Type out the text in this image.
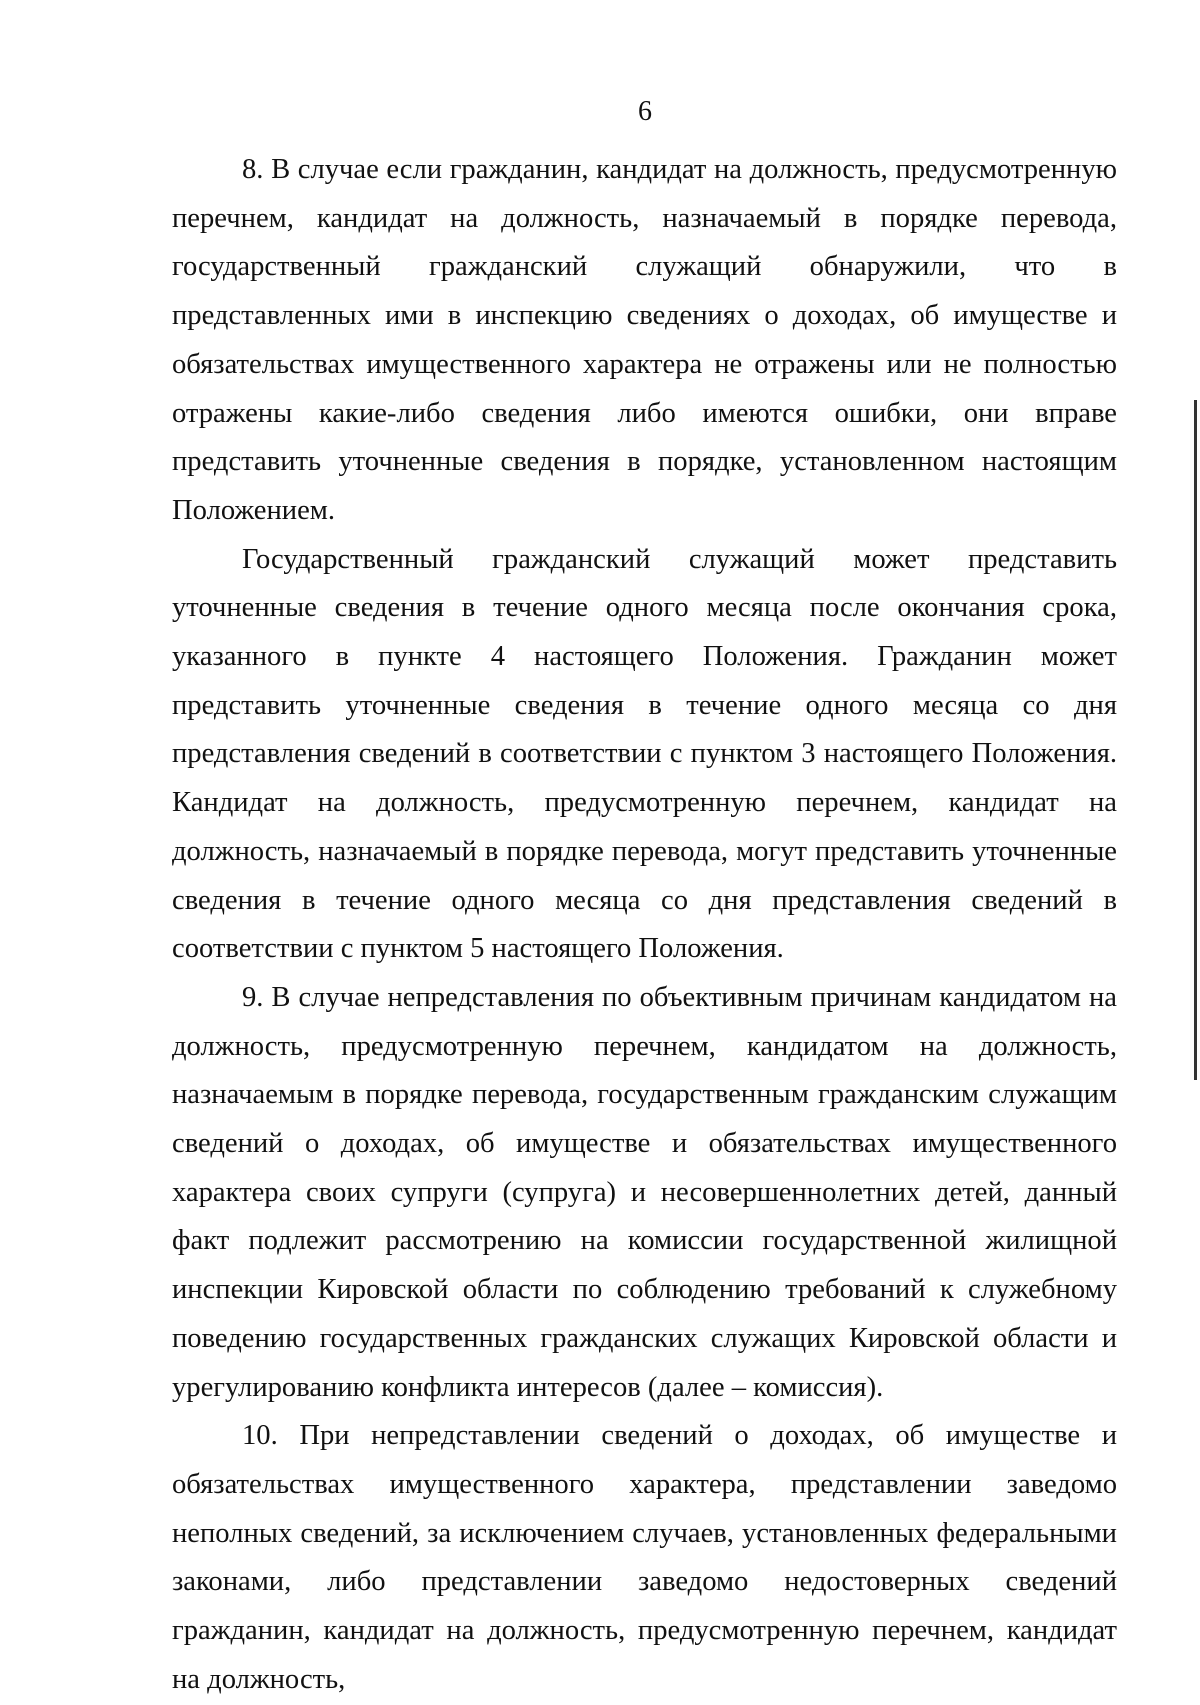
6

8. В случае если гражданин, кандидат на должность, предусмотренную перечнем, кандидат на должность, назначаемый в порядке перевода, государственный гражданский служащий обнаружили, что в представленных ими в инспекцию сведениях о доходах, об имуществе и обязательствах имущественного характера не отражены или не полностью отражены какие-либо сведения либо имеются ошибки, они вправе представить уточненные сведения в порядке, установленном настоящим Положением.

Государственный гражданский служащий может представить уточненные сведения в течение одного месяца после окончания срока, указанного в пункте 4 настоящего Положения. Гражданин может представить уточненные сведения в течение одного месяца со дня представления сведений в соответствии с пунктом 3 настоящего Положения. Кандидат на должность, предусмотренную перечнем, кандидат на должность, назначаемый в порядке перевода, могут представить уточненные сведения в течение одного месяца со дня представления сведений в соответствии с пунктом 5 настоящего Положения.

9. В случае непредставления по объективным причинам кандидатом на должность, предусмотренную перечнем, кандидатом на должность, назначаемым в порядке перевода, государственным гражданским служащим сведений о доходах, об имуществе и обязательствах имущественного характера своих супруги (супруга) и несовершеннолетних детей, данный факт подлежит рассмотрению на комиссии государственной жилищной инспекции Кировской области по соблюдению требований к служебному поведению государственных гражданских служащих Кировской области и урегулированию конфликта интересов (далее – комиссия).

10. При непредставлении сведений о доходах, об имуществе и обязательствах имущественного характера, представлении заведомо неполных сведений, за исключением случаев, установленных федеральными законами, либо представлении заведомо недостоверных сведений гражданин, кандидат на должность, предусмотренную перечнем, кандидат на должность,
